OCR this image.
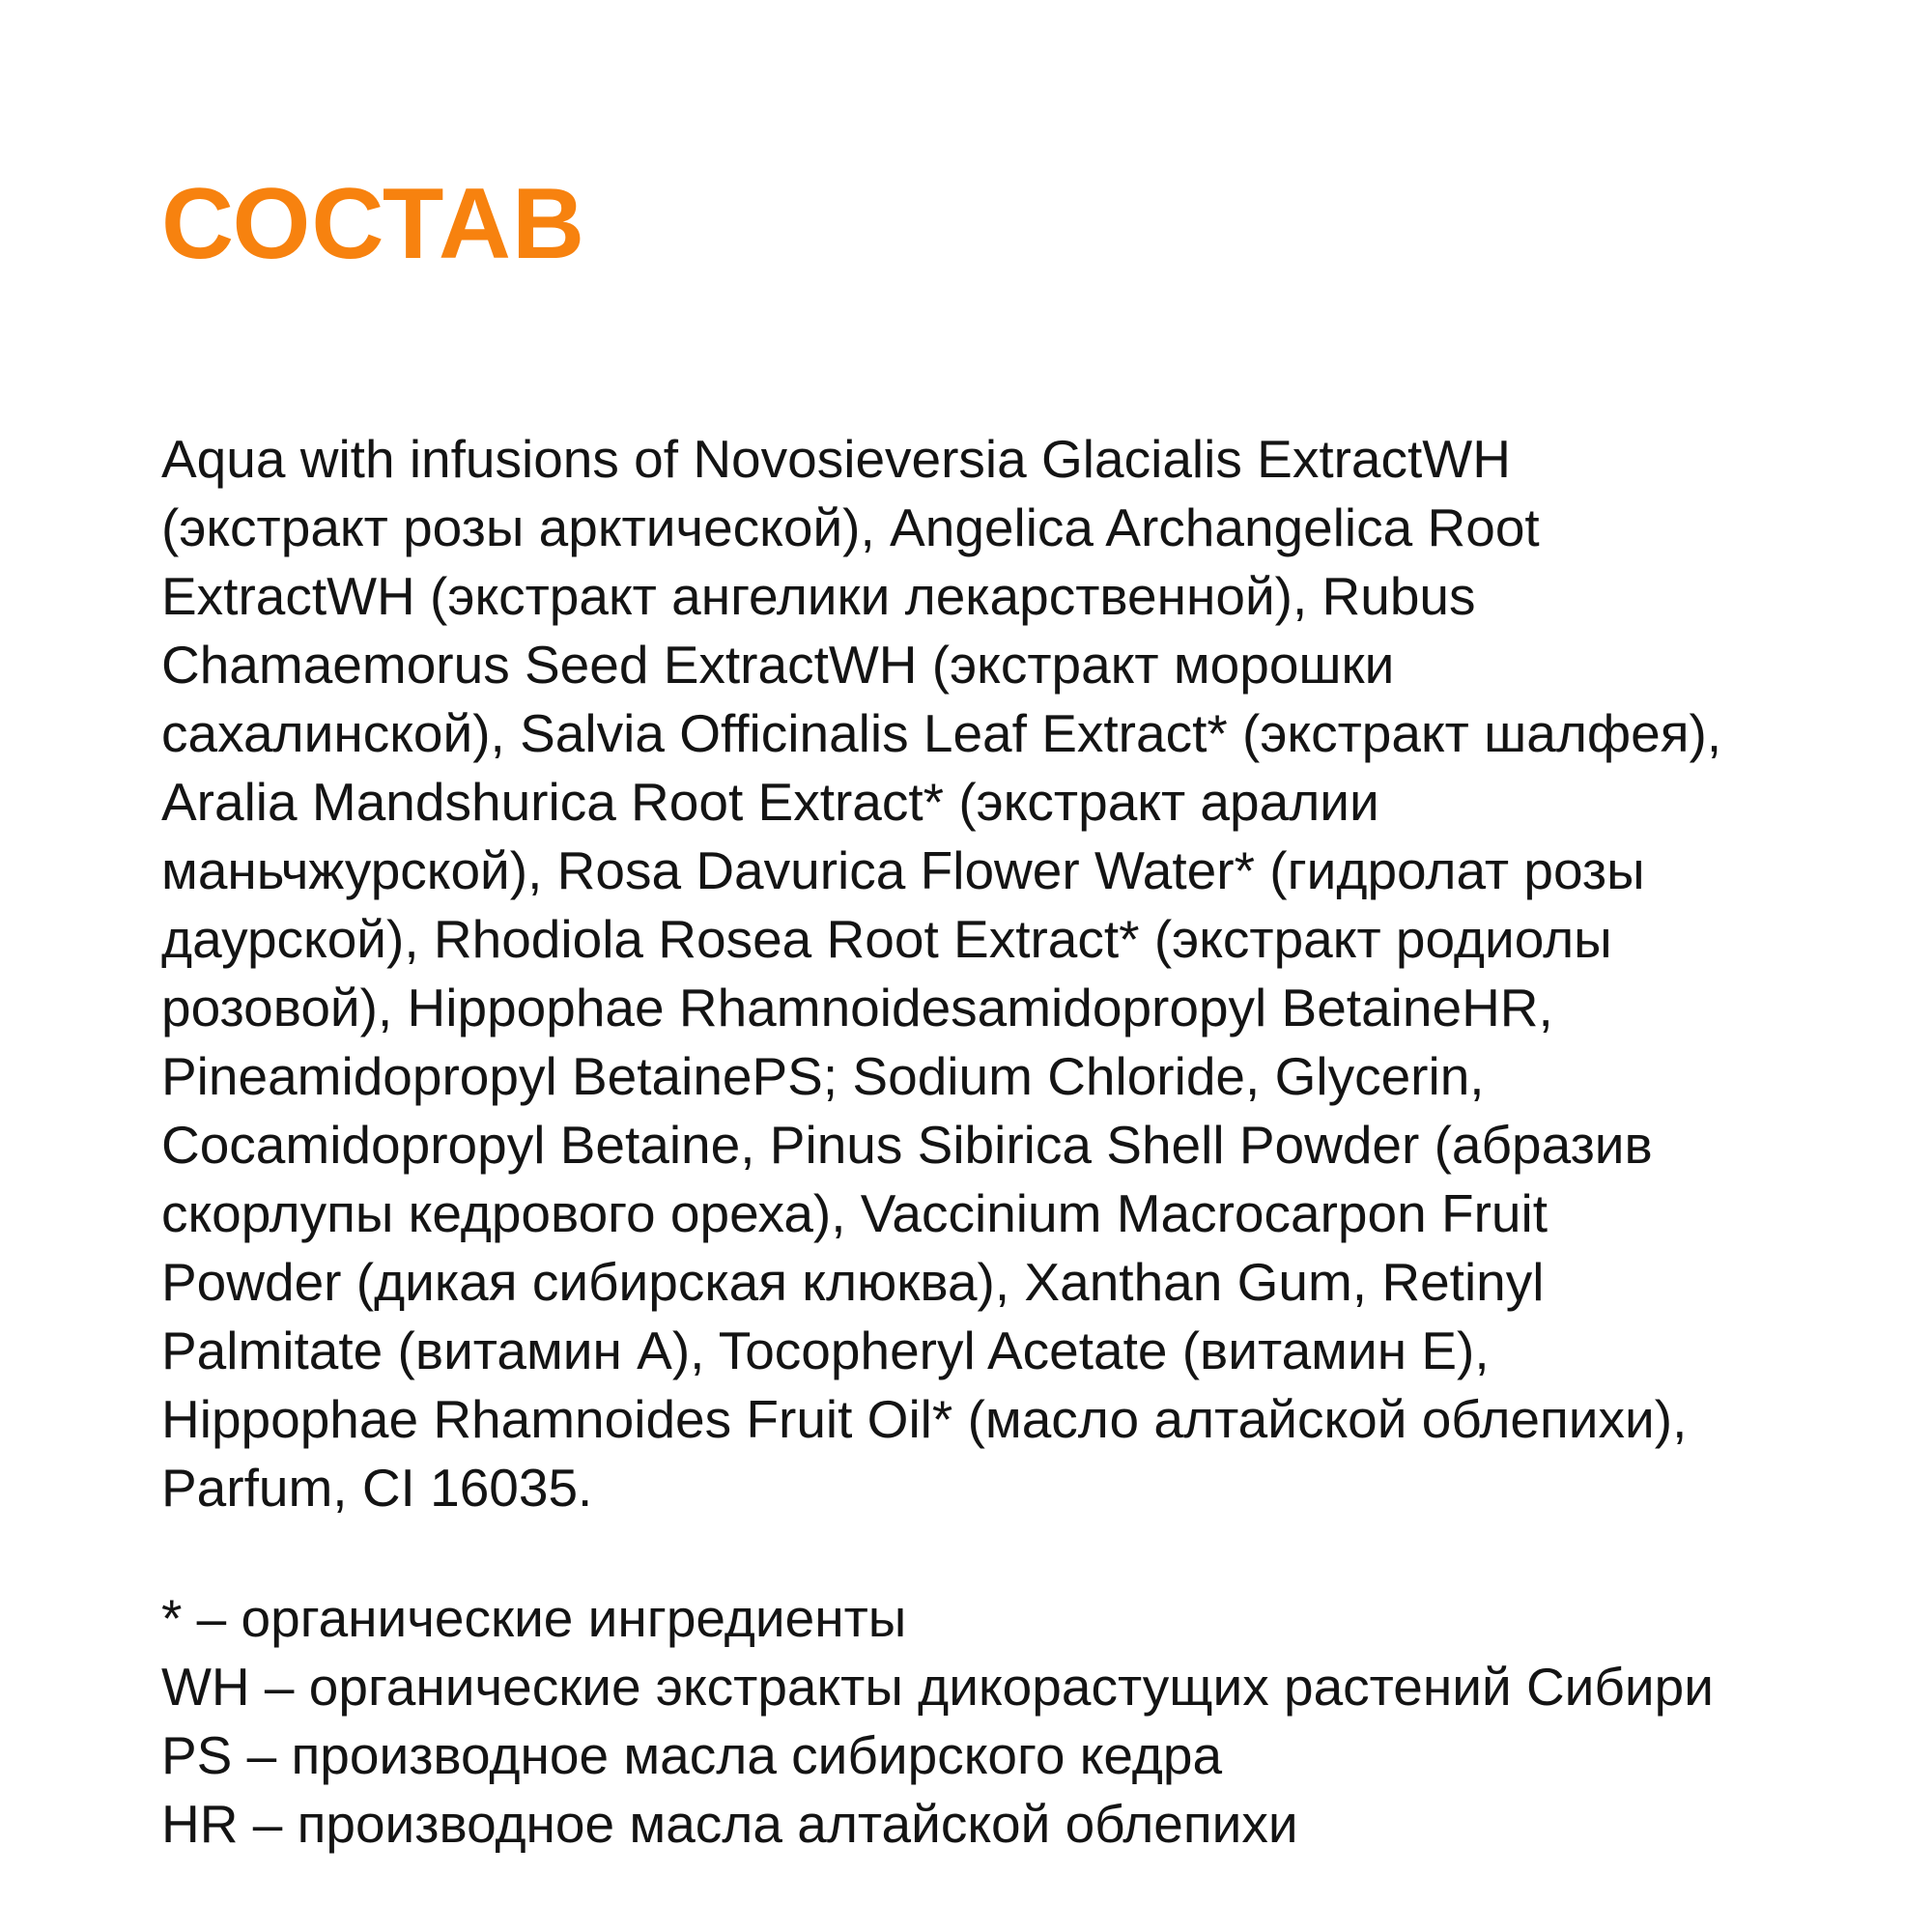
СОСТАВ
Aqua with infusions of Novosieversia Glacialis ExtractWH
(экстракт розы арктической), Angelica Archangelica Root
ExtractWH (экстракт ангелики лекарственной), Rubus
Chamaemorus Seed ExtractWH (экстракт морошки
сахалинской), Salvia Officinalis Leaf Extract* (экстракт шалфея),
Aralia Mandshurica Root Extract* (экстракт аралии
маньчжурской), Rosa Davurica Flower Water* (гидролат розы
даурской), Rhodiola Rosea Root Extract* (экстракт родиолы
розовой), Hippophae Rhamnoidesamidopropyl BetaineHR,
Pineamidopropyl BetainePS; Sodium Chloride, Glycerin,
Cocamidopropyl Betaine, Pinus Sibirica Shell Powder (абразив
скорлупы кедрового ореха), Vaccinium Macrocarpon Fruit
Powder (дикая сибирская клюква), Xanthan Gum, Retinyl
Palmitate (витамин А), Tocopheryl Acetate (витамин Е),
Hippophae Rhamnoides Fruit Oil* (масло алтайской облепихи),
Parfum, CI 16035.
* – органические ингредиенты
WH – органические экстракты дикорастущих растений Сибири
PS – производное масла сибирского кедра
HR – производное масла алтайской облепихи
